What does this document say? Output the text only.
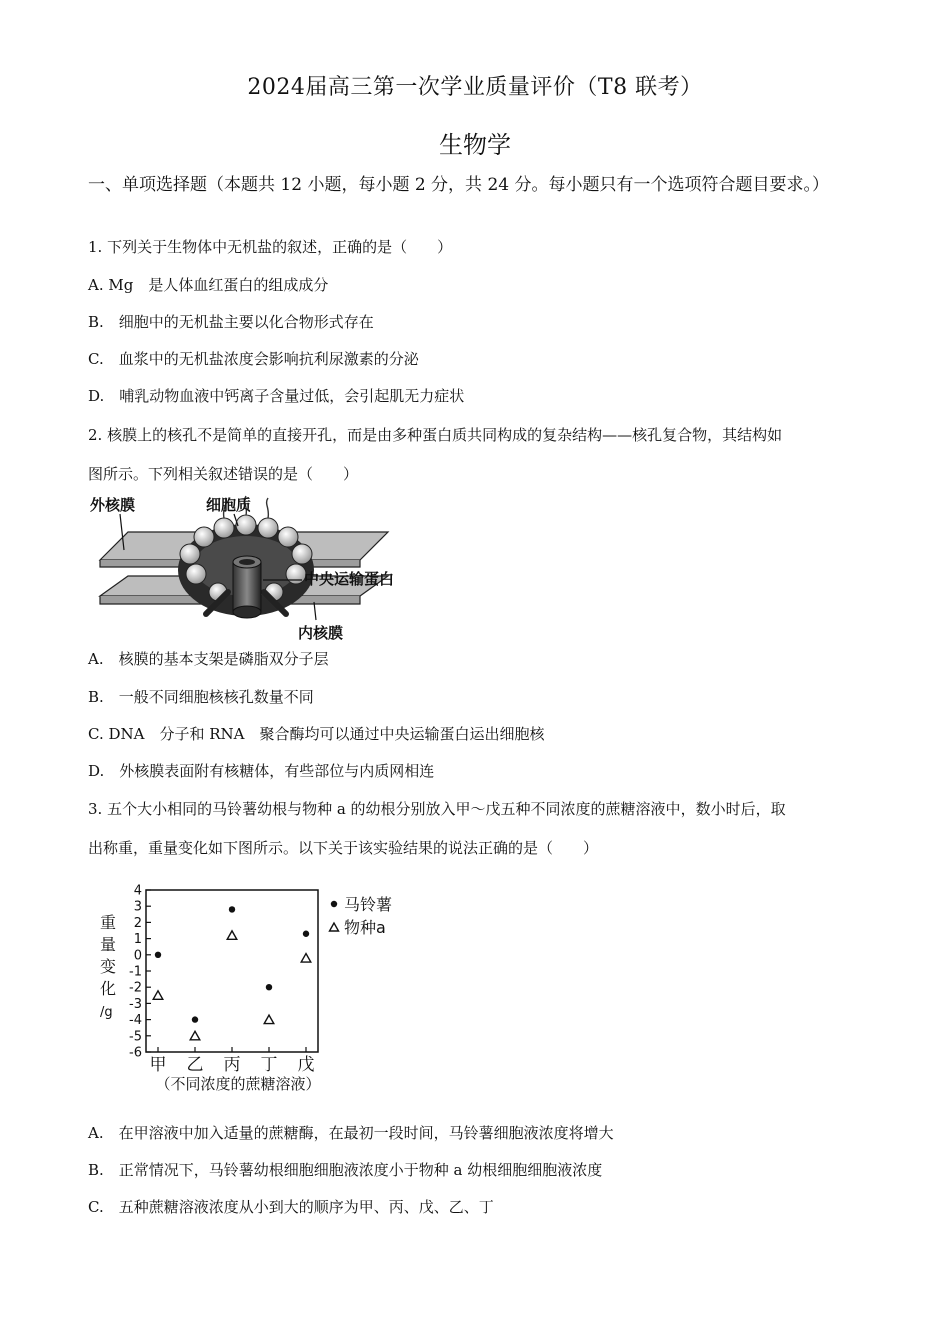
2024届高三第一次学业质量评价（T8 联考）
生物学
一、单项选择题（本题共 12 小题，每小题 2 分，共 24 分。每小题只有一个选项符合题目要求。）
1. 下列关于生物体中无机盐的叙述，正确的是（　　）
A. Mg　是人体血红蛋白的组成成分
B.　细胞中的无机盐主要以化合物形式存在
C.　血浆中的无机盐浓度会影响抗利尿激素的分泌
D.　哺乳动物血液中钙离子含量过低，会引起肌无力症状
2. 核膜上的核孔不是简单的直接开孔，而是由多种蛋白质共同构成的复杂结构——核孔复合物，其结构如
图所示。下列相关叙述错误的是（　　）
外核膜	细胞质
中央运输蛋白
内核膜
A.　核膜的基本支架是磷脂双分子层
B.　一般不同细胞核核孔数量不同
C. DNA　分子和 RNA　聚合酶均可以通过中央运输蛋白运出细胞核
D.　外核膜表面附有核糖体，有些部位与内质网相连
3. 五个大小相同的马铃薯幼根与物种 a 的幼根分别放入甲～戊五种不同浓度的蔗糖溶液中，数小时后，取
出称重，重量变化如下图所示。以下关于该实验结果的说法正确的是（　　）
4
3
2
1
0
-1
-2
-3
-4
-5
-6
甲 乙 丙 丁 戊
重量变化/g
（不同浓度的蔗糖溶液）
马铃薯
物种a
A.　在甲溶液中加入适量的蔗糖酶，在最初一段时间，马铃薯细胞液浓度将增大
B.　正常情况下，马铃薯幼根细胞细胞液浓度小于物种 a 幼根细胞细胞液浓度
C.　五种蔗糖溶液浓度从小到大的顺序为甲、丙、戊、乙、丁
